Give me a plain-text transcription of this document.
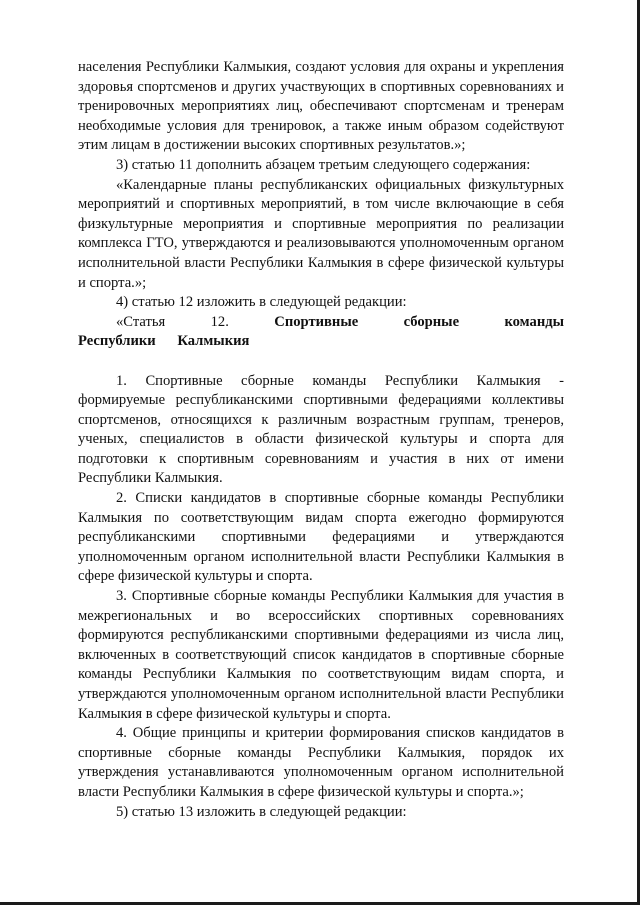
населения Республики Калмыкия, создают условия для охраны и укрепления здоровья спортсменов и других участвующих в спортивных соревнованиях и тренировочных мероприятиях лиц, обеспечивают спортсменам и тренерам необходимые условия для тренировок, а также иным образом содействуют этим лицам в достижении высоких спортивных результатов.»;

3) статью 11 дополнить абзацем третьим следующего содержания:

«Календарные планы республиканских официальных физкультурных мероприятий и спортивных мероприятий, в том числе включающие в себя физкультурные мероприятия и спортивные мероприятия по реализации комплекса ГТО, утверждаются и реализовываются уполномоченным органом исполнительной власти Республики Калмыкия в сфере физической культуры и спорта.»;

4) статью 12 изложить в следующей редакции:

«Статья 12.	Спортивные сборные команды Республики Калмыкия

1. Спортивные сборные команды Республики Калмыкия - формируемые республиканскими спортивными федерациями коллективы спортсменов, относящихся к различным возрастным группам, тренеров, ученых, специалистов в области физической культуры и спорта для подготовки к спортивным соревнованиям и участия в них от имени Республики Калмыкия.

2. Списки кандидатов в спортивные сборные команды Республики Калмыкия по соответствующим видам спорта ежегодно формируются республиканскими спортивными федерациями и утверждаются уполномоченным органом исполнительной власти Республики Калмыкия в сфере физической культуры и спорта.

3. Спортивные сборные команды Республики Калмыкия для участия в межрегиональных и во всероссийских спортивных соревнованиях формируются республиканскими спортивными федерациями из числа лиц, включенных в соответствующий список кандидатов в спортивные сборные команды Республики Калмыкия по соответствующим видам спорта, и утверждаются уполномоченным органом исполнительной власти Республики Калмыкия в сфере физической культуры и спорта.

4. Общие принципы и критерии формирования списков кандидатов в спортивные сборные команды Республики Калмыкия, порядок их утверждения устанавливаются уполномоченным органом исполнительной власти Республики Калмыкия в сфере физической культуры и спорта.»;

5) статью 13 изложить в следующей редакции:
